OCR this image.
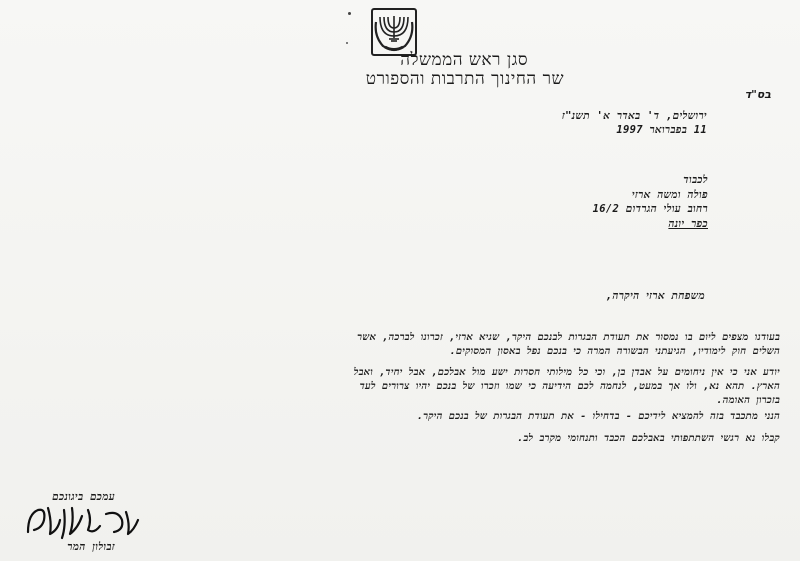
סגן ראש הממשלה
שר החינוך התרבות והספורט
בס"ד
ירושלים, ד' באדר א' תשנ"ז
11 בפברואר 1997
לכבוד
פולה ומשה ארזי
רחוב עולי הגרדום 16/2
כפר יונה
משפחת ארזי היקרה,
בעודנו מצפים ליום בו נמסור את תעודת הבגרות לבנכם היקר, שגיא ארזי, זכרונו לברכה, אשר
השלים חוק לימודיו, הגיעתני הבשורה המרה כי בנכם נפל באסון המסוקים.
יודע אני כי אין ניחומים על אבדן בן, וכי כל מילותי חסרות ישע מול אבלכם, אבל יחיד, ואבל
הארץ. תהא נא, ולו אך במעט, לנחמה לכם הידיעה כי שמו וזכרו של בנכם יהיו צרורים לעד
בזכרון האומה.
הנני מתכבד בזה להמציא לידיכם - בדחילו - את תעודת הבגרות של בנכם היקר.
קבלו נא רגשי השתתפותי באבלכם הכבד ותנחומי מקרב לב.
עמכם ביגונכם
זבולון המר
